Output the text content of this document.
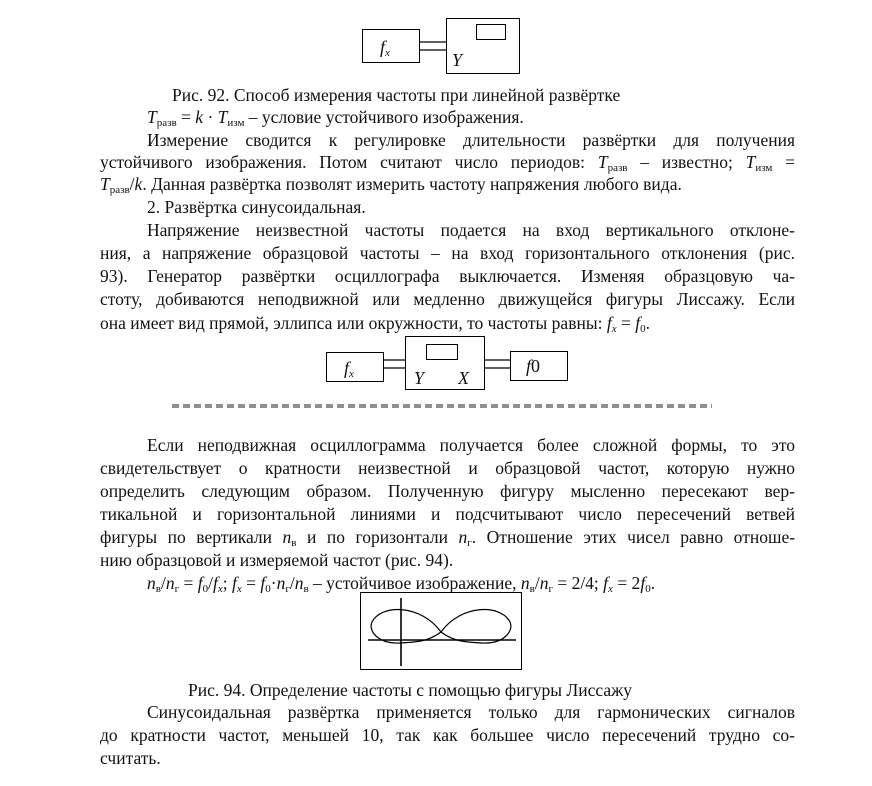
$f_x$	Y
Рис. 92. Способ измерения частоты при линейной развёртке
$T_{разв} = k \cdot T_{изм}$ – условие устойчивого изображения.
Измерение сводится к регулировке длительности развёртки для получения
устойчивого изображения. Потом считают число периодов: $T_{разв}$ – известно; $T_{изм}$ =
$T_{разв}/k$. Данная развёртка позволят измерить частоту напряжения любого вида.
2. Развёртка синусоидальная.
Напряжение неизвестной частоты подается на вход вертикального отклоне-
ния, а напряжение образцовой частоты – на вход горизонтального отклонения (рис.
93). Генератор развёртки осциллографа выключается. Изменяя образцовую ча-
стоту, добиваются неподвижной или медленно движущейся фигуры Лиссажу. Если
она имеет вид прямой, эллипса или окружности, то частоты равны: $f_x = f_0$.
$f_x$	Y X
f0
Если неподвижная осциллограмма получается более сложной формы, то это
свидетельствует о кратности неизвестной и образцовой частот, которую нужно
определить следующим образом. Полученную фигуру мысленно пересекают вер-
тикальной и горизонтальной линиями и подсчитывают число пересечений ветвей
фигуры по вертикали $n_в$ и по горизонтали $n_г$. Отношение этих чисел равно отноше-
нию образцовой и измеряемой частот (рис. 94).
$n_в/n_г = f_0/f_x$; $f_x = f_0\cdot n_г/n_в$ – устойчивое изображение, $n_в/n_г = 2/4$; $f_x = 2f_0$.
Рис. 94. Определение частоты с помощью фигуры Лиссажу
Синусоидальная развёртка применяется только для гармонических сигналов
до кратности частот, меньшей 10, так как большее число пересечений трудно со-
считать.
